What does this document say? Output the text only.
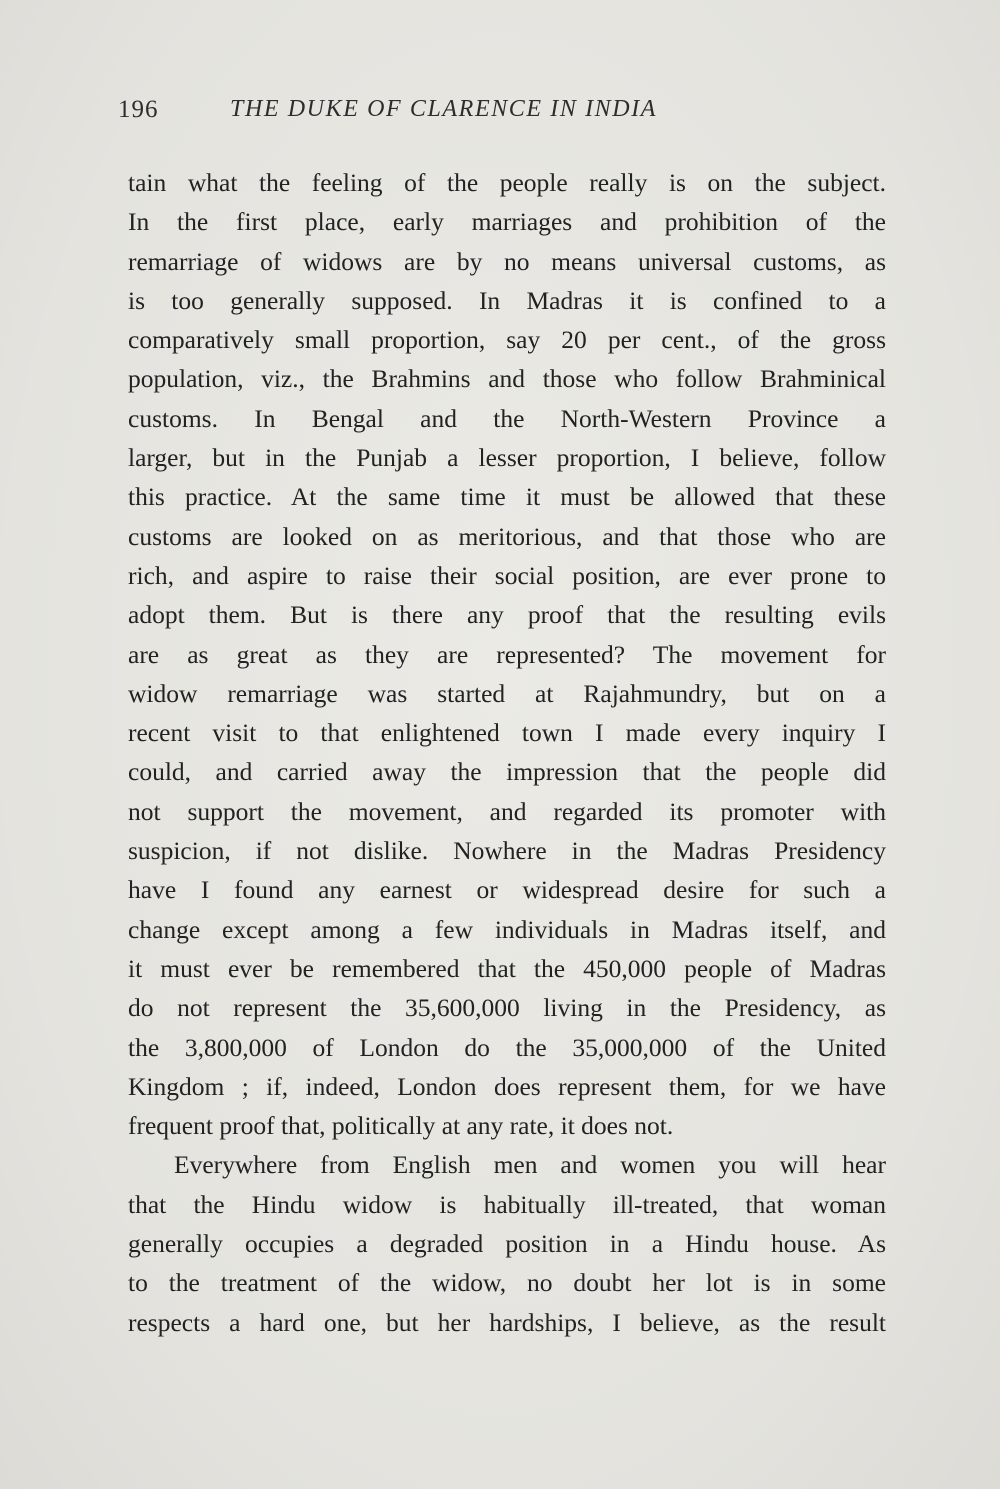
196	THE DUKE OF CLARENCE IN INDIA
tain what the feeling of the people really is on the subject.
In the first place, early marriages and prohibition of the
remarriage of widows are by no means universal customs, as
is too generally supposed. In Madras it is confined to a
comparatively small proportion, say 20 per cent., of the gross
population, viz., the Brahmins and those who follow Brahminical
customs. In Bengal and the North-Western Province a
larger, but in the Punjab a lesser proportion, I believe, follow
this practice. At the same time it must be allowed that these
customs are looked on as meritorious, and that those who are
rich, and aspire to raise their social position, are ever prone to
adopt them. But is there any proof that the resulting evils
are as great as they are represented? The movement for
widow remarriage was started at Rajahmundry, but on a
recent visit to that enlightened town I made every inquiry I
could, and carried away the impression that the people did
not support the movement, and regarded its promoter with
suspicion, if not dislike. Nowhere in the Madras Presidency
have I found any earnest or widespread desire for such a
change except among a few individuals in Madras itself, and
it must ever be remembered that the 450,000 people of Madras
do not represent the 35,600,000 living in the Presidency, as
the 3,800,000 of London do the 35,000,000 of the United
Kingdom ; if, indeed, London does represent them, for we have
frequent proof that, politically at any rate, it does not.
Everywhere from English men and women you will hear
that the Hindu widow is habitually ill-treated, that woman
generally occupies a degraded position in a Hindu house. As
to the treatment of the widow, no doubt her lot is in some
respects a hard one, but her hardships, I believe, as the result
